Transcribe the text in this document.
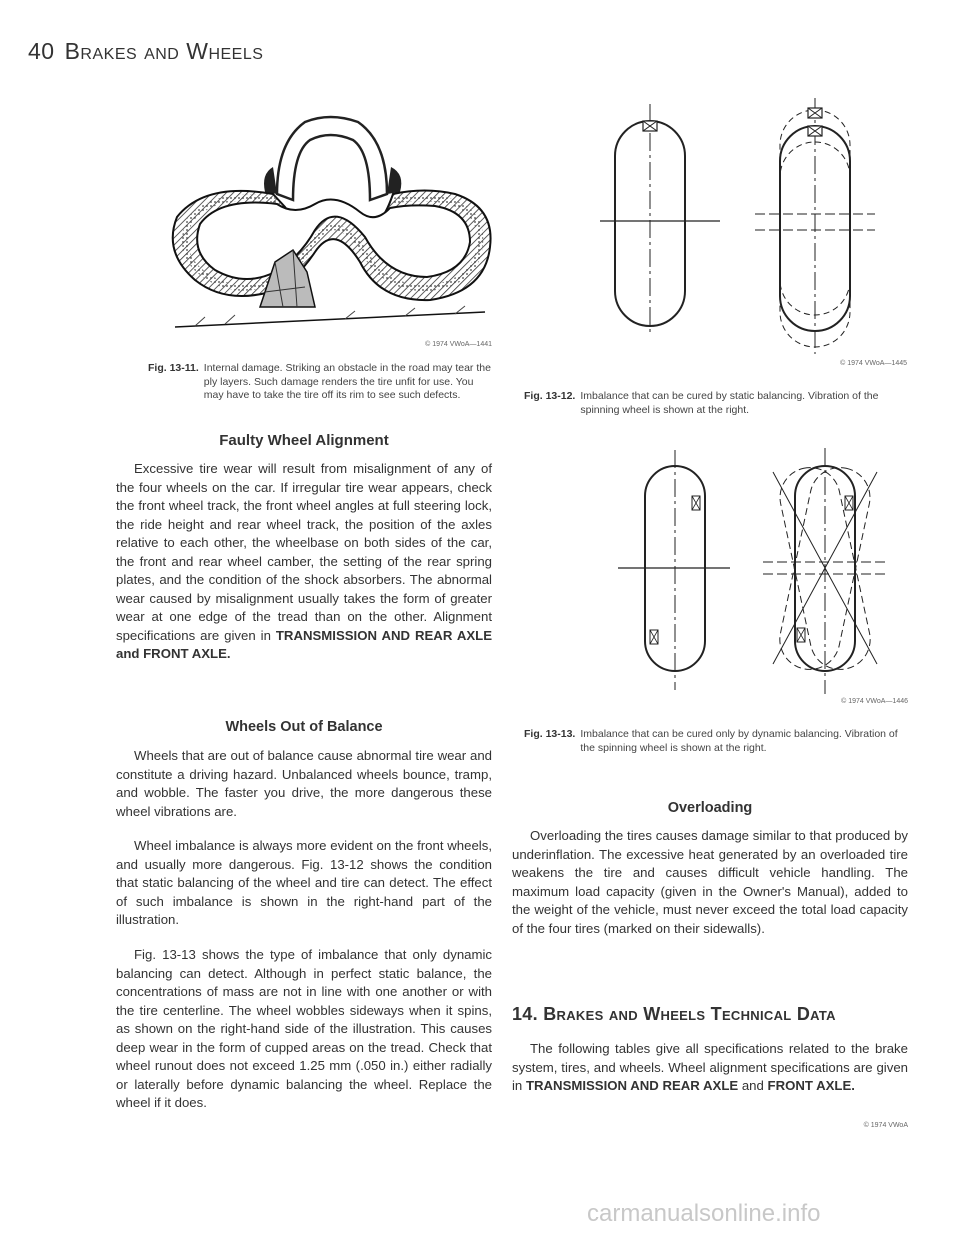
40 Brakes and Wheels
© 1974 VWoA—1441
Fig. 13-11. Internal damage. Striking an obstacle in the road may tear the ply layers. Such damage renders the tire unfit for use. You may have to take the tire off its rim to see such defects.
Faulty Wheel Alignment

Excessive tire wear will result from misalignment of any of the four wheels on the car. If irregular tire wear appears, check the front wheel track, the front wheel angles at full steering lock, the ride height and rear wheel track, the position of the axles relative to each other, the wheelbase on both sides of the car, the front and rear wheel camber, the setting of the rear spring plates, and the condition of the shock absorbers. The abnormal wear caused by misalignment usually takes the form of greater wear at one edge of the tread than on the other. Alignment specifications are given in TRANSMISSION AND REAR AXLE and FRONT AXLE.

Wheels Out of Balance

Wheels that are out of balance cause abnormal tire wear and constitute a driving hazard. Unbalanced wheels bounce, tramp, and wobble. The faster you drive, the more dangerous these wheel vibrations are.

Wheel imbalance is always more evident on the front wheels, and usually more dangerous. Fig. 13-12 shows the condition that static balancing of the wheel and tire can detect. The effect of such imbalance is shown in the right-hand part of the illustration.

Fig. 13-13 shows the type of imbalance that only dynamic balancing can detect. Although in perfect static balance, the concentrations of mass are not in line with one another or with the tire centerline. The wheel wobbles sideways when it spins, as shown on the right-hand side of the illustration. This causes deep wear in the form of cupped areas on the tread. Check that wheel runout does not exceed 1.25 mm (.050 in.) either radially or laterally before dynamic balancing the wheel. Replace the wheel if it does.

© 1974 VWoA—1445
Fig. 13-12. Imbalance that can be cured by static balancing. Vibration of the spinning wheel is shown at the right.
© 1974 VWoA—1446
Fig. 13-13. Imbalance that can be cured only by dynamic balancing. Vibration of the spinning wheel is shown at the right.
Overloading

Overloading the tires causes damage similar to that produced by underinflation. The excessive heat generated by an overloaded tire weakens the tire and causes difficult vehicle handling. The maximum load capacity (given in the Owner's Manual), added to the weight of the vehicle, must never exceed the total load capacity of the four tires (marked on their sidewalls).

14. Brakes and Wheels Technical Data

The following tables give all specifications related to the brake system, tires, and wheels. Wheel alignment specifications are given in TRANSMISSION AND REAR AXLE and FRONT AXLE.

© 1974 VWoA
carmanualsonline.info
